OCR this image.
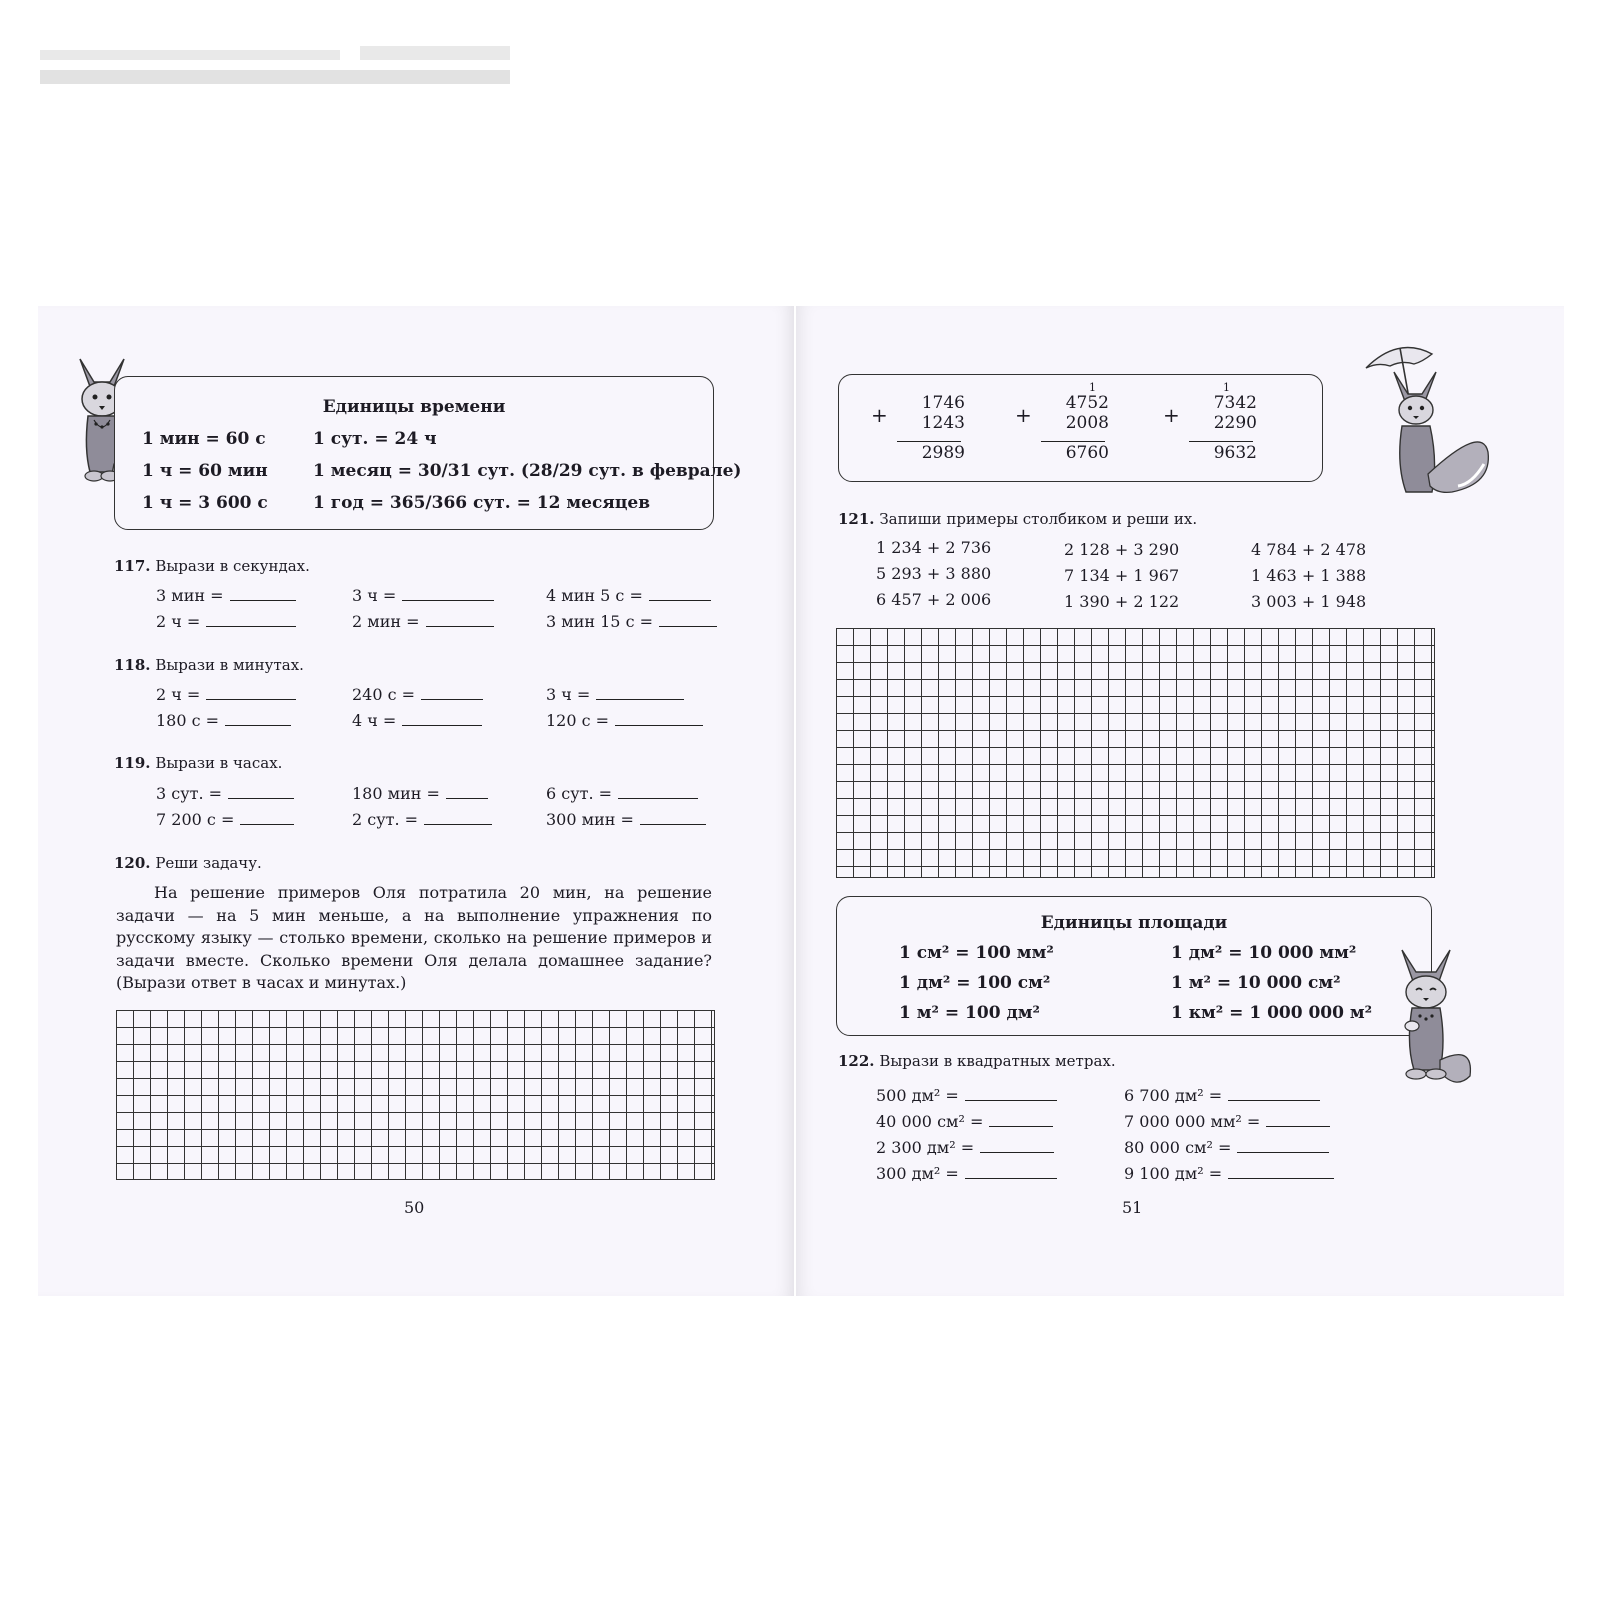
Единицы времени
1 мин = 60 с	1 сут. = 24 ч
1 ч = 60 мин	1 месяц = 30/31 сут. (28/29 сут. в феврале)
1 ч = 3 600 с	1 год = 365/366 сут. = 12 месяцев
117. Вырази в секундах.
3 мин =	3 ч =	4 мин 5 с =
2 ч =	2 мин =	3 мин 15 с =
118. Вырази в минутах.
2 ч =	240 с =	3 ч =
180 с =	4 ч =	120 с =
119. Вырази в часах.
3 сут. =	180 мин =	6 сут. =
7 200 с =	2 сут. =	300 мин =
120. Реши задачу.
На решение примеров Оля потратила 20 мин, на решение задачи — на 5 мин меньше, а на выполнение упражнения по русскому языку — столько времени, сколько на решение примеров и задачи вместе. Сколько времени Оля делала домашнее задание? (Вырази ответ в часах и минутах.)
50
+	1746
1243
2989
1
+	4752
2008
6760
1
+	7342
2290
9632
121. Запиши примеры столбиком и реши их.
1 234 + 2 736	2 128 + 3 290	4 784 + 2 478
5 293 + 3 880	7 134 + 1 967	1 463 + 1 388
6 457 + 2 006	1 390 + 2 122	3 003 + 1 948
Единицы площади
1 см² = 100 мм²	1 дм² = 10 000 мм²
1 дм² = 100 см²	1 м² = 10 000 см²
1 м² = 100 дм²	1 км² = 1 000 000 м²
122. Вырази в квадратных метрах.
500 дм² =	6 700 дм² =
40 000 см² =	7 000 000 мм² =
2 300 дм² =	80 000 см² =
300 дм² =	9 100 дм² =
51
